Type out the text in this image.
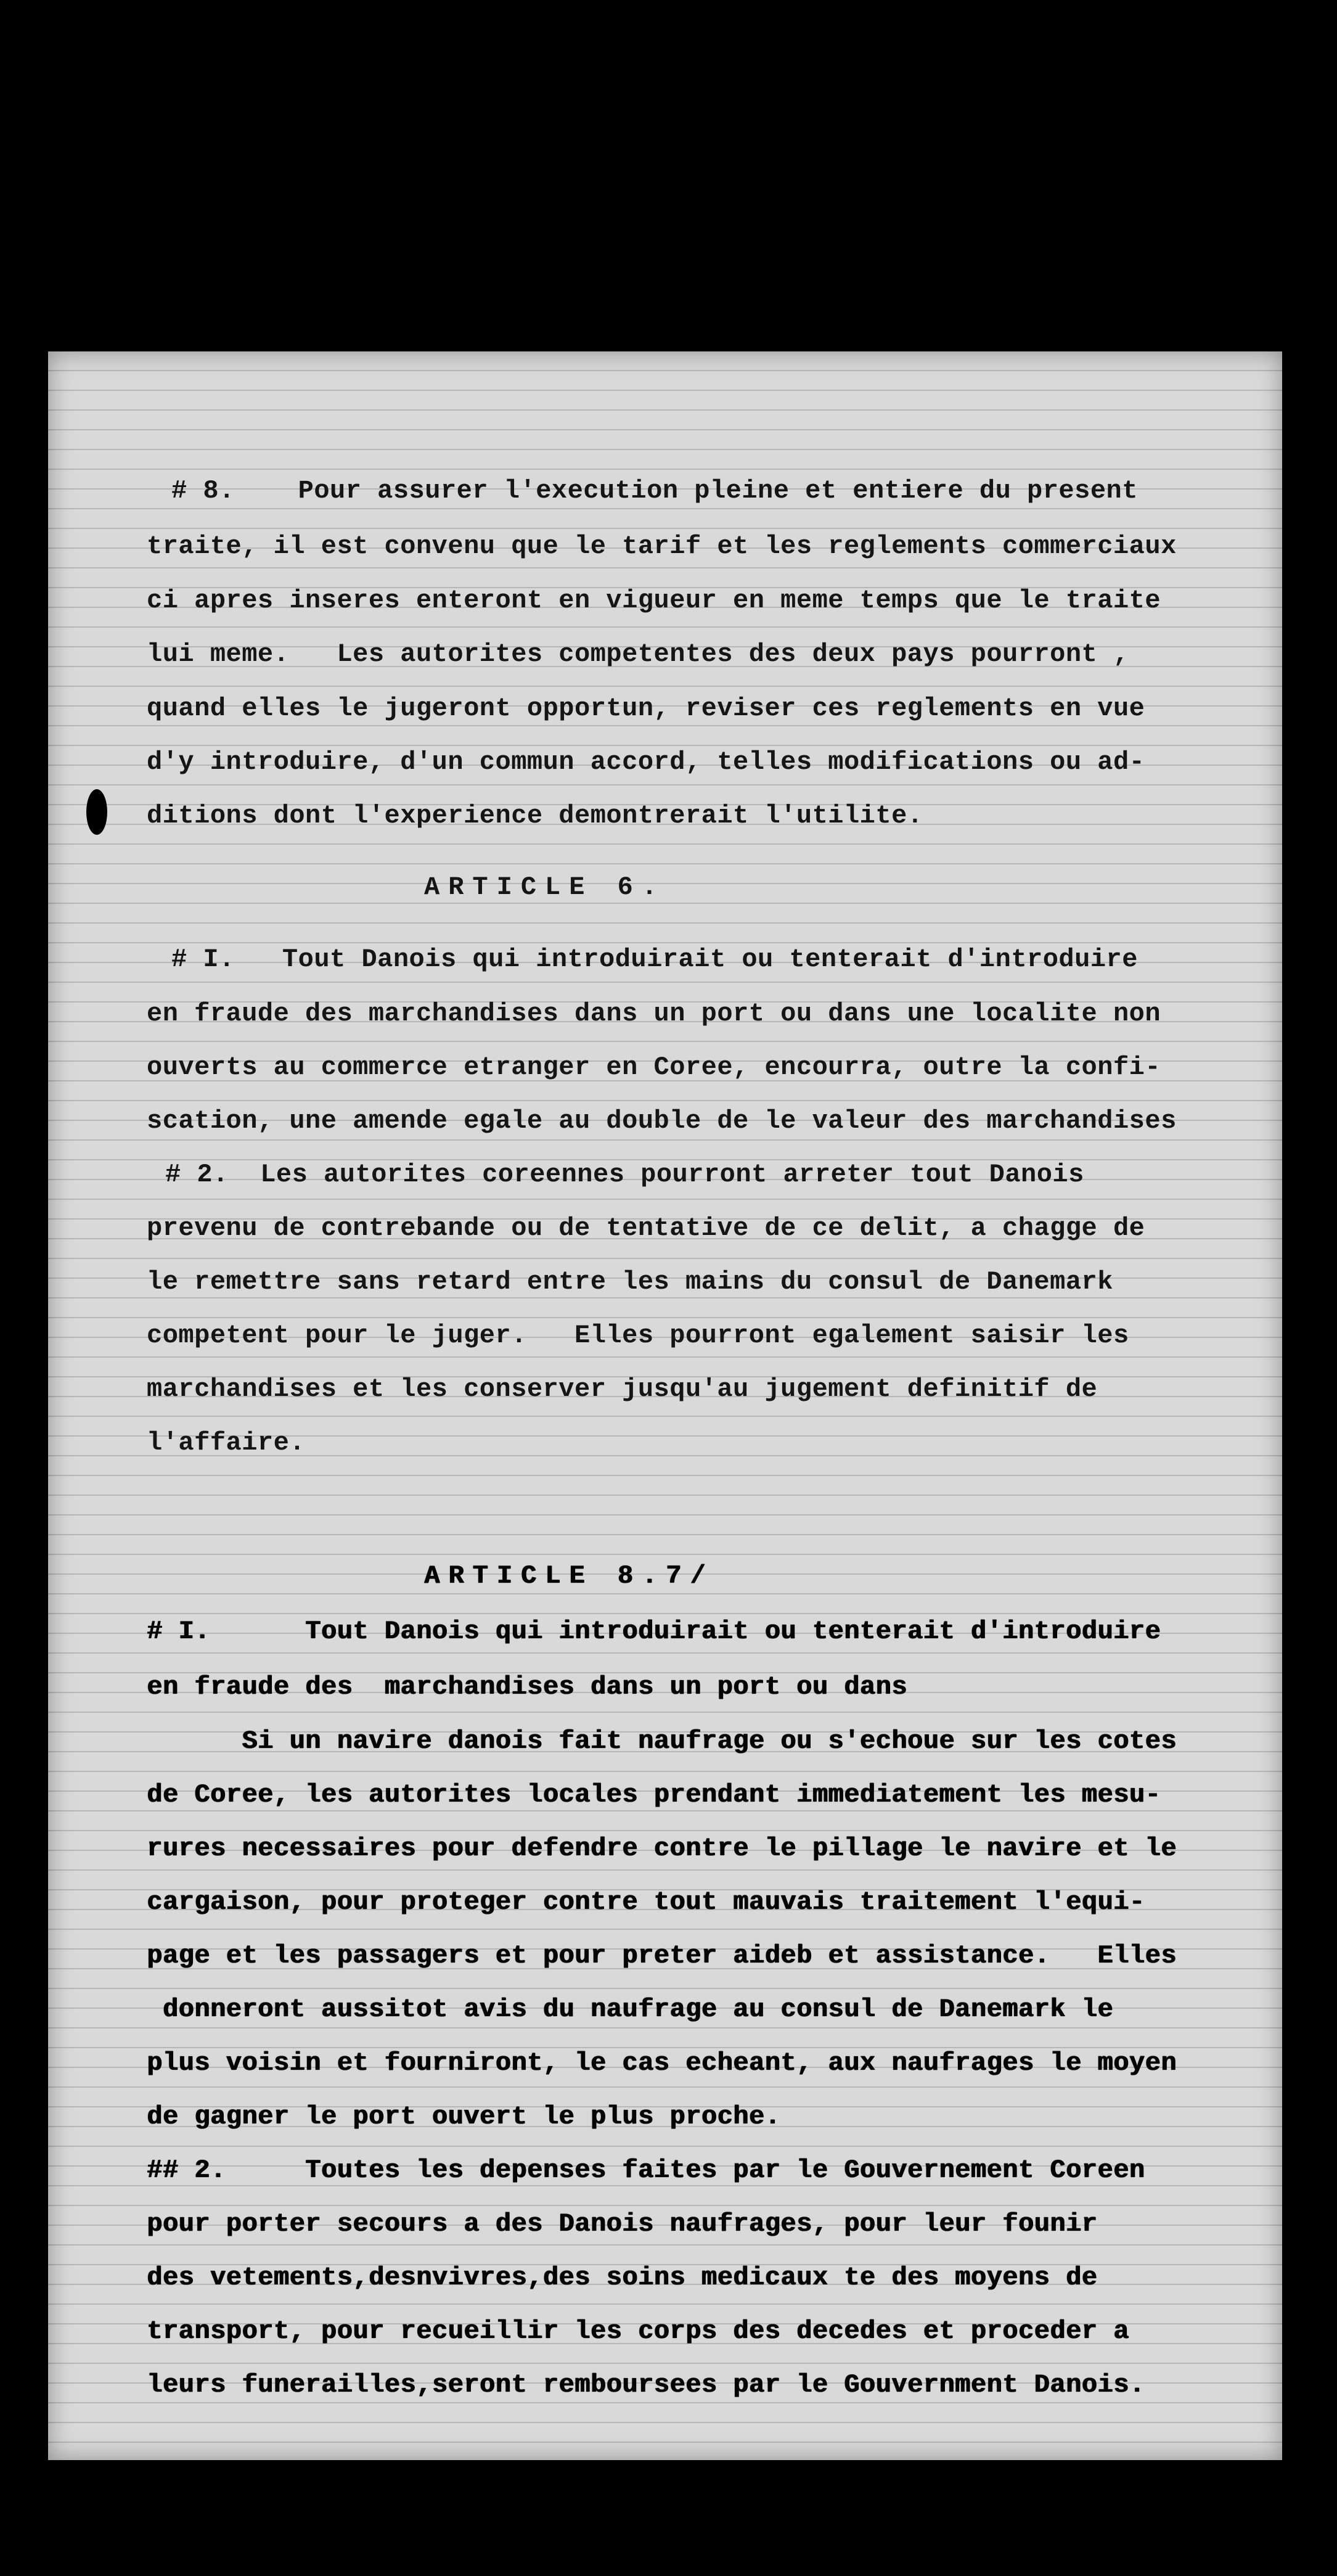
# 8.    Pour assurer l'execution pleine et entiere du present
traite, il est convenu que le tarif et les reglements commerciaux
ci apres inseres enteront en vigueur en meme temps que le traite
lui meme.   Les autorites competentes des deux pays pourront ,
quand elles le jugeront opportun, reviser ces reglements en vue
d'y introduire, d'un commun accord, telles modifications ou ad-
ditions dont l'experience demontrerait l'utilite.
ARTICLE 6.
# I.   Tout Danois qui introduirait ou tenterait d'introduire
en fraude des marchandises dans un port ou dans une localite non
ouverts au commerce etranger en Coree, encourra, outre la confi-
scation, une amende egale au double de le valeur des marchandises
# 2.  Les autorites coreennes pourront arreter tout Danois
prevenu de contrebande ou de tentative de ce delit, a chagge de
le remettre sans retard entre les mains du consul de Danemark
competent pour le juger.   Elles pourront egalement saisir les
marchandises et les conserver jusqu'au jugement definitif de
l'affaire.
ARTICLE 8.7/
# I.      Tout Danois qui introduirait ou tenterait d'introduire
en fraude des  marchandises dans un port ou dans
Si un navire danois fait naufrage ou s'echoue sur les cotes
de Coree, les autorites locales prendant immediatement les mesu-
rures necessaires pour defendre contre le pillage le navire et le
cargaison, pour proteger contre tout mauvais traitement l'equi-
page et les passagers et pour preter aideb et assistance.   Elles
donneront aussitot avis du naufrage au consul de Danemark le
plus voisin et fourniront, le cas echeant, aux naufrages le moyen
de gagner le port ouvert le plus proche.
## 2.     Toutes les depenses faites par le Gouvernement Coreen
pour porter secours a des Danois naufrages, pour leur founir
des vetements,desnvivres,des soins medicaux te des moyens de
transport, pour recueillir les corps des decedes et proceder a
leurs funerailles,seront remboursees par le Gouvernment Danois.
